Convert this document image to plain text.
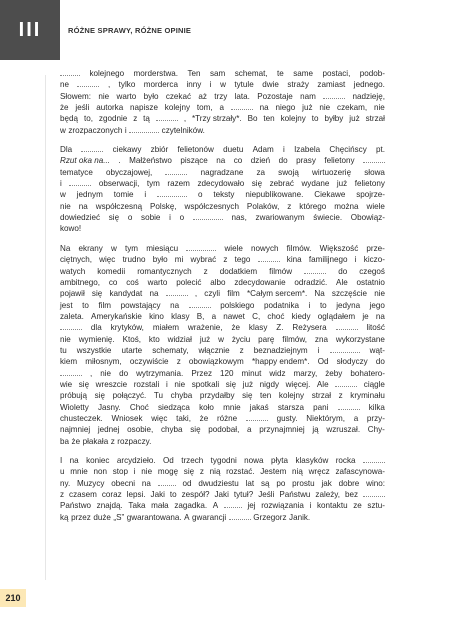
III	RÓŻNE SPRAWY, RÓŻNE OPINIE
kolejnego morderstwa. Ten sam schemat, te same postaci, podob-
ne	, tylko morderca inny i w tytule dwie straży zamiast jednego.
Słowem: nie warto było czekać aż trzy lata. Pozostaje nam	nadzieję,
że jeśli autorka napisze kolejny tom, a	na niego już nie czekam, nie
będą to, zgodnie z tą	, *Trzy strzały*. Bo ten kolejny to byłby już strzał
w zrozpaczonych i	czytelników.
Dla	ciekawy zbiór felietonów duetu Adam i Izabela Chęcińscy pt.
Rzut oka na... . Małżeństwo piszące na co dzień do prasy felietony
tematyce obyczajowej,	nagradzane za swoją wirtuozerię słowa
i	obserwacji, tym razem zdecydowało się zebrać wydane już felietony
w jednym tomie i	o teksty niepublikowane. Ciekawe spojrze-
nie na współczesną Polskę, współczesnych Polaków, z którego można wiele
dowiedzieć się o sobie i o	nas, zwariowanym świecie. Obowiąz-
kowo!
Na ekrany w tym miesiącu	wiele nowych filmów. Większość prze-
ciętnych, więc trudno było mi wybrać z tego	kina familijnego i kiczo-
watych komedii romantycznych z dodatkiem filmów	do czegoś
ambitnego, co coś warto polecić albo zdecydowanie odradzić. Ale ostatnio
pojawił się kandydat na	, czyli film *Całym sercem*. Na szczęście nie
jest to film powstający na	polskiego podatnika i to jedyna jego
zaleta. Amerykańskie kino klasy B, a nawet C, choć kiedy oglądałem je na
dla krytyków, miałem wrażenie, że klasy Z. Reżysera	litość
nie wymienię. Ktoś, kto widział już w życiu parę filmów, zna wykorzystane
tu wszystkie utarte schematy, włącznie z beznadziejnym i	wąt-
kiem miłosnym, oczywiście z obowiązkowym *happy endem*. Od słodyczy do
, nie do wytrzymania. Przez 120 minut widz marzy, żeby bohatero-
wie się wreszcie rozstali i nie spotkali się już nigdy więcej. Ale	ciągle
próbują się połączyć. Tu chyba przydałby się ten kolejny strzał z kryminału
Wioletty Jasny. Choć siedząca koło mnie jakaś starsza pani	kilka
chusteczek. Wniosek więc taki, że różne	gusty. Niektórym, a przy-
najmniej jednej osobie, chyba się podobał, a przynajmniej ją wzruszał. Chy-
ba że płakała z rozpaczy.
I na koniec arcydzieło. Od trzech tygodni nowa płyta klasyków rocka
u mnie non stop i nie mogę się z nią rozstać. Jestem nią wręcz zafascynowa-
ny. Muzycy obecni na	od dwudziestu lat są po prostu jak dobre wino:
z czasem coraz lepsi. Jaki to zespół? Jaki tytuł? Jeśli Państwu zależy, bez
Państwo znajdą. Taka mała zagadka. A	jej rozwiązania i kontaktu ze sztu-
ką przez duże „S” gwarantowana. A gwarancji	Grzegorz Janik.
210
